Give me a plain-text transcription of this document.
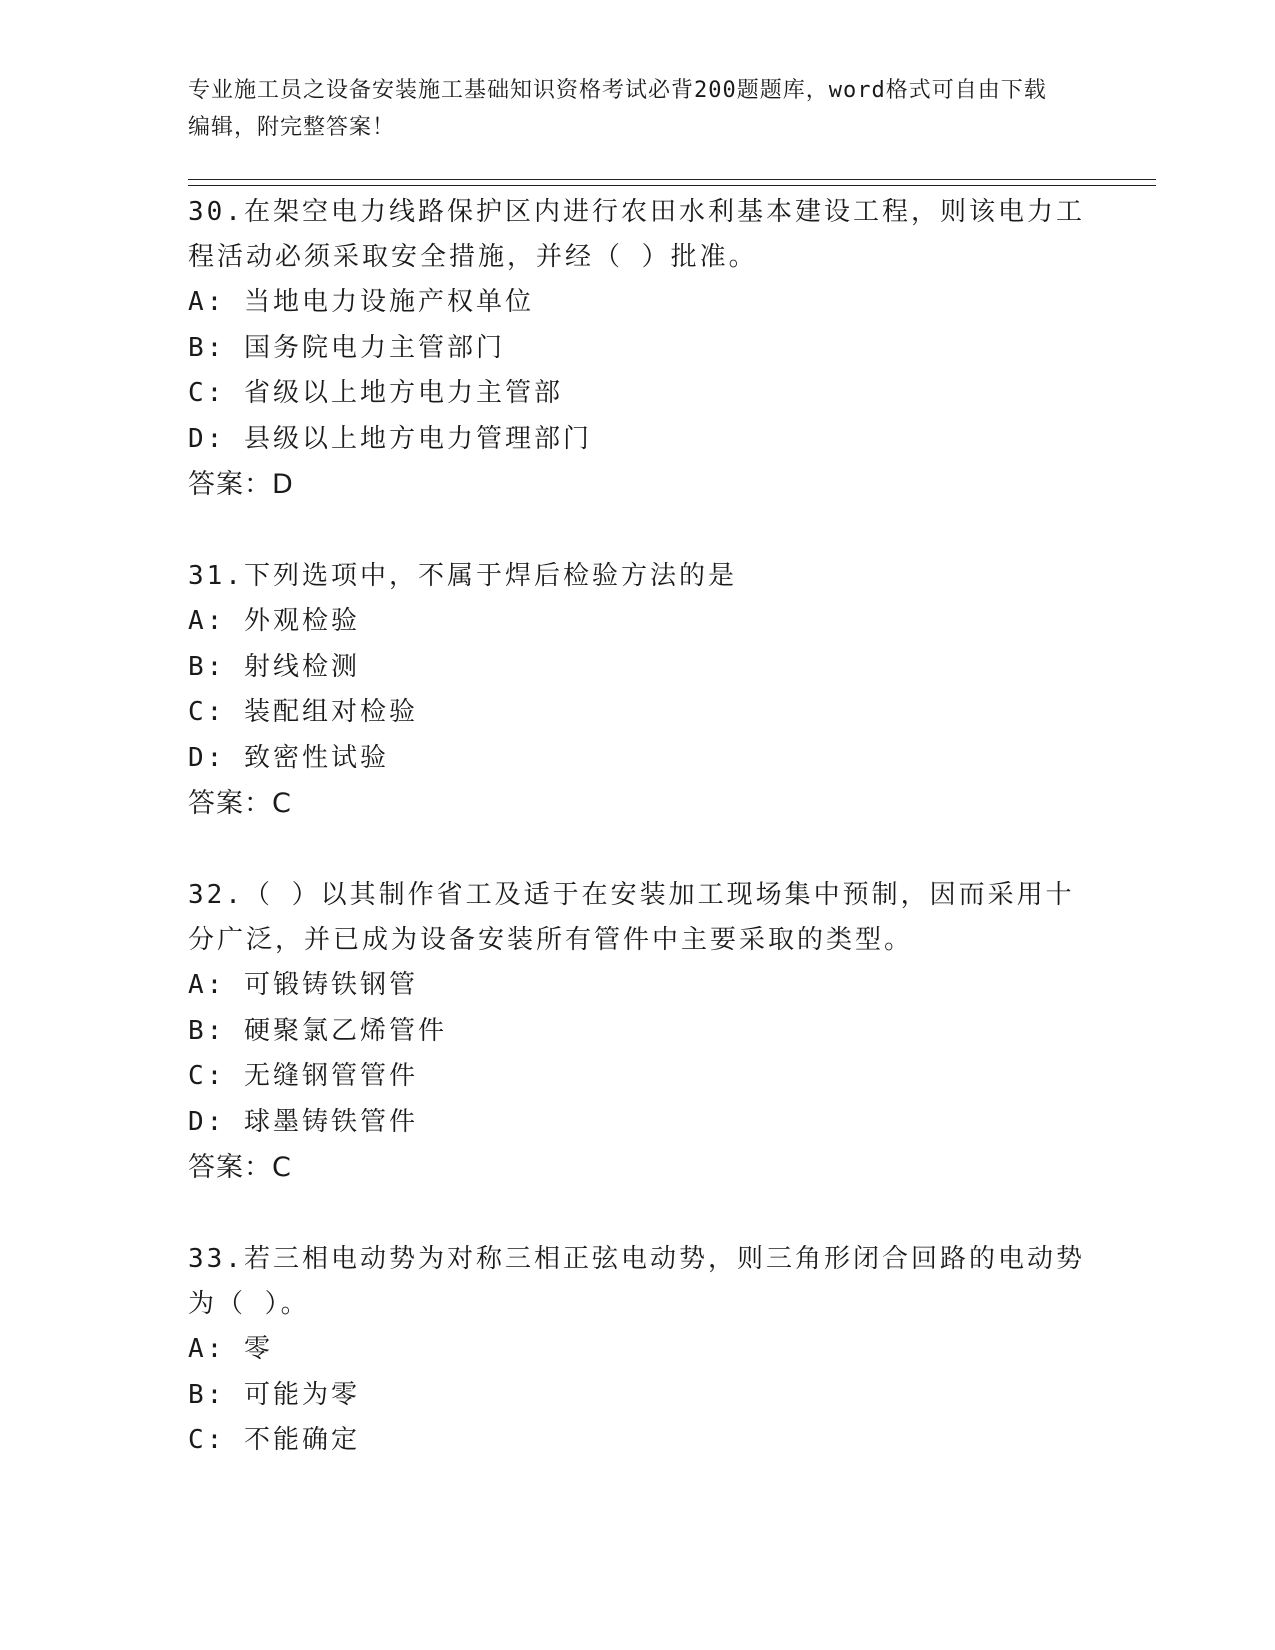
专业施工员之设备安装施工基础知识资格考试必背200题题库，word格式可自由下载编辑，附完整答案！
30.在架空电力线路保护区内进行农田水利基本建设工程，则该电力工程活动必须采取安全措施，并经（ ）批准。
A: 当地电力设施产权单位
B: 国务院电力主管部门
C: 省级以上地方电力主管部
D: 县级以上地方电力管理部门
答案：D
31.下列选项中，不属于焊后检验方法的是
A: 外观检验
B: 射线检测
C: 装配组对检验
D: 致密性试验
答案：C
32.（ ）以其制作省工及适于在安装加工现场集中预制，因而采用十分广泛，并已成为设备安装所有管件中主要采取的类型。
A: 可锻铸铁钢管
B: 硬聚氯乙烯管件
C: 无缝钢管管件
D: 球墨铸铁管件
答案：C
33.若三相电动势为对称三相正弦电动势，则三角形闭合回路的电动势为（ ）。
A: 零
B: 可能为零
C: 不能确定
